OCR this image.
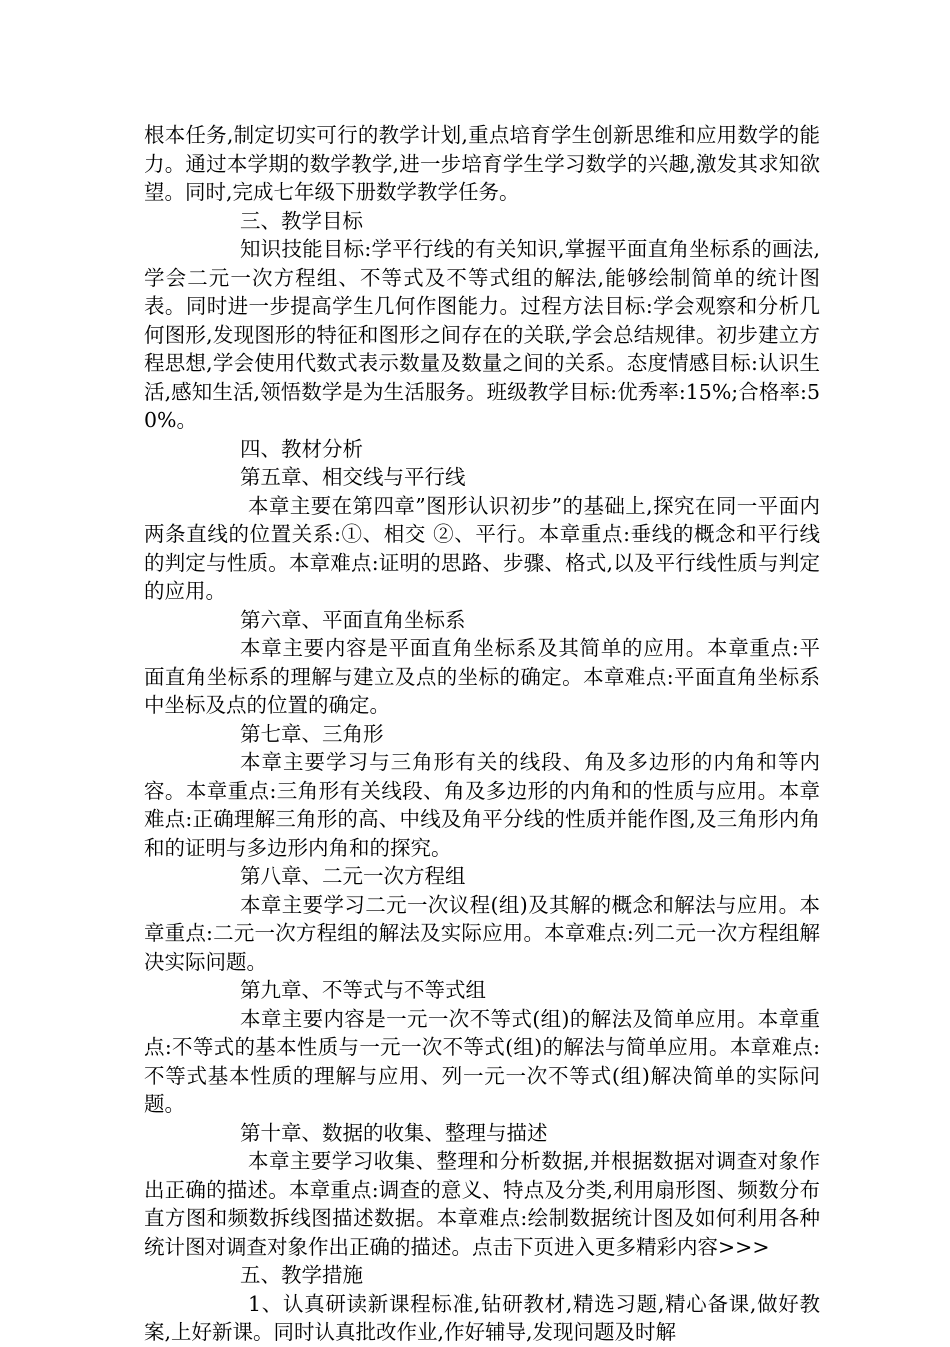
根本任务,制定切实可行的教学计划,重点培育学生创新思维和应用数学的能力。通过本学期的数学教学,进一步培育学生学习数学的兴趣,激发其求知欲望。同时,完成七年级下册数学教学任务。

三、教学目标

知识技能目标:学平行线的有关知识,掌握平面直角坐标系的画法,学会二元一次方程组、不等式及不等式组的解法,能够绘制简单的统计图表。同时进一步提高学生几何作图能力。过程方法目标:学会观察和分析几何图形,发现图形的特征和图形之间存在的关联,学会总结规律。初步建立方程思想,学会使用代数式表示数量及数量之间的关系。态度情感目标:认识生活,感知生活,领悟数学是为生活服务。班级教学目标:优秀率:15%;合格率:50%。

四、教材分析

第五章、相交线与平行线

本章主要在第四章”图形认识初步”的基础上,探究在同一平面内两条直线的位置关系:①、相交 ②、平行。本章重点:垂线的概念和平行线的判定与性质。本章难点:证明的思路、步骤、格式,以及平行线性质与判定的应用。

第六章、平面直角坐标系

本章主要内容是平面直角坐标系及其简单的应用。本章重点:平面直角坐标系的理解与建立及点的坐标的确定。本章难点:平面直角坐标系中坐标及点的位置的确定。

第七章、三角形

本章主要学习与三角形有关的线段、角及多边形的内角和等内容。本章重点:三角形有关线段、角及多边形的内角和的性质与应用。本章难点:正确理解三角形的高、中线及角平分线的性质并能作图,及三角形内角和的证明与多边形内角和的探究。

第八章、二元一次方程组

本章主要学习二元一次议程(组)及其解的概念和解法与应用。本章重点:二元一次方程组的解法及实际应用。本章难点:列二元一次方程组解决实际问题。

第九章、不等式与不等式组

本章主要内容是一元一次不等式(组)的解法及简单应用。本章重点:不等式的基本性质与一元一次不等式(组)的解法与简单应用。本章难点:不等式基本性质的理解与应用、列一元一次不等式(组)解决简单的实际问题。

第十章、数据的收集、整理与描述

本章主要学习收集、整理和分析数据,并根据数据对调查对象作出正确的描述。本章重点:调查的意义、特点及分类,利用扇形图、频数分布直方图和频数拆线图描述数据。本章难点:绘制数据统计图及如何利用各种统计图对调查对象作出正确的描述。点击下页进入更多精彩内容>>>

五、教学措施

1、认真研读新课程标准,钻研教材,精选习题,精心备课,做好教案,上好新课。同时认真批改作业,作好辅导,发现问题及时解
